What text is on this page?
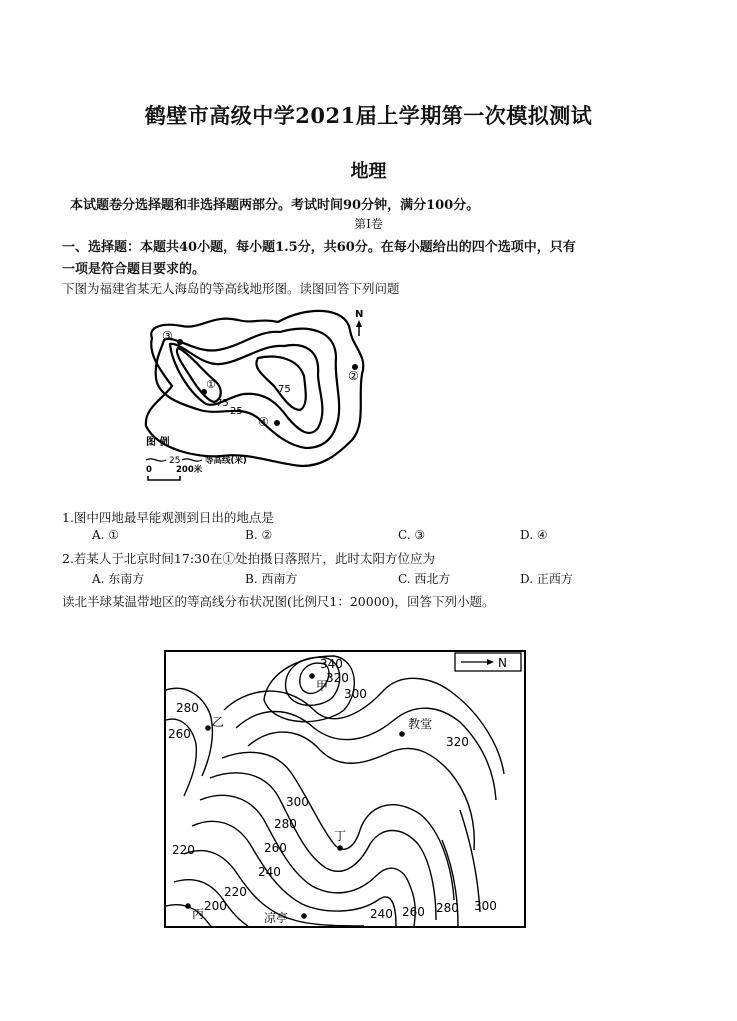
鹤壁市高级中学2021届上学期第一次模拟测试
地理
本试题卷分选择题和非选择题两部分。考试时间90分钟，满分100分。
第Ⅰ卷
一、选择题：本题共40小题，每小题1.5分，共60分。在每小题给出的四个选项中，只有
一项是符合题目要求的。
下图为福建省某无人海岛的等高线地形图。读图回答下列问题
①
②
③
④
75
25
75
N
图 例
25	等高线(米)
0	200米
1.图中四地最早能观测到日出的地点是
A. ①	B. ②	C. ③	D. ④
2.若某人于北京时间17:30在①处拍摄日落照片，此时太阳方位应为
A. 东南方	B. 西南方	C. 西北方	D. 正西方
读北半球某温带地区的等高线分布状况图(比例尺1：20000)，回答下列小题。
N
甲
乙
丙
丁
教堂
凉亭
340
320
300
280
260
320
300
280
260
240
220
200
240 260 280 300
220
